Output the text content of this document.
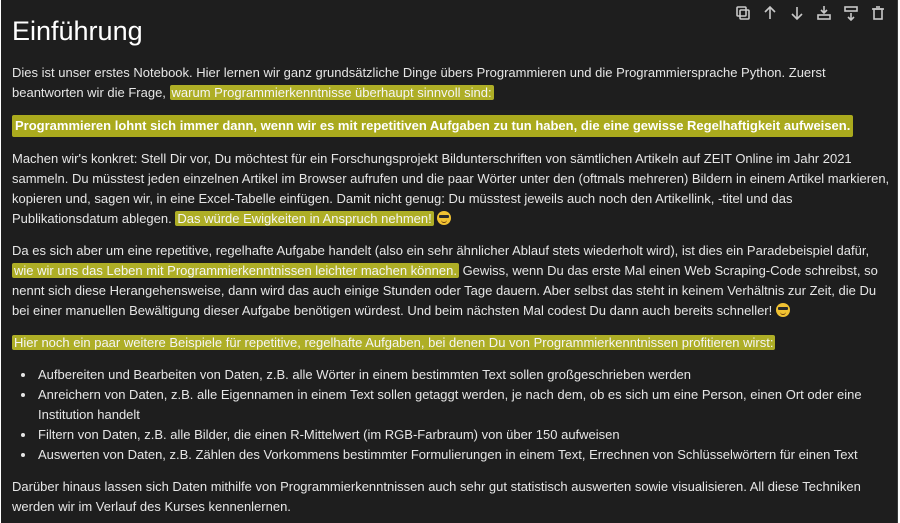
Einführung

Dies ist unser erstes Notebook. Hier lernen wir ganz grundsätzliche Dinge übers Programmieren und die Programmiersprache Python. Zuerst beantworten wir die Frage, warum Programmierkenntnisse überhaupt sinnvoll sind:

Programmieren lohnt sich immer dann, wenn wir es mit repetitiven Aufgaben zu tun haben, die eine gewisse Regelhaftigkeit aufweisen.

Machen wir's konkret: Stell Dir vor, Du möchtest für ein Forschungsprojekt Bildunterschriften von sämtlichen Artikeln auf ZEIT Online im Jahr 2021 sammeln. Du müsstest jeden einzelnen Artikel im Browser aufrufen und die paar Wörter unter den (oftmals mehreren) Bildern in einem Artikel markieren, kopieren und, sagen wir, in eine Excel-Tabelle einfügen. Damit nicht genug: Du müsstest jeweils auch noch den Artikellink, -titel und das Publikationsdatum ablegen. Das würde Ewigkeiten in Anspruch nehmen!

Da es sich aber um eine repetitive, regelhafte Aufgabe handelt (also ein sehr ähnlicher Ablauf stets wiederholt wird), ist dies ein Paradebeispiel dafür, wie wir uns das Leben mit Programmierkenntnissen leichter machen können. Gewiss, wenn Du das erste Mal einen Web Scraping-Code schreibst, so nennt sich diese Herangehensweise, dann wird das auch einige Stunden oder Tage dauern. Aber selbst das steht in keinem Verhältnis zur Zeit, die Du bei einer manuellen Bewältigung dieser Aufgabe benötigen würdest. Und beim nächsten Mal codest Du dann auch bereits schneller!

Hier noch ein paar weitere Beispiele für repetitive, regelhafte Aufgaben, bei denen Du von Programmierkenntnissen profitieren wirst:

• Aufbereiten und Bearbeiten von Daten, z.B. alle Wörter in einem bestimmten Text sollen großgeschrieben werden
• Anreichern von Daten, z.B. alle Eigennamen in einem Text sollen getaggt werden, je nach dem, ob es sich um eine Person, einen Ort oder eine Institution handelt
• Filtern von Daten, z.B. alle Bilder, die einen R-Mittelwert (im RGB-Farbraum) von über 150 aufweisen
• Auswerten von Daten, z.B. Zählen des Vorkommens bestimmter Formulierungen in einem Text, Errechnen von Schlüsselwörtern für einen Text

Darüber hinaus lassen sich Daten mithilfe von Programmierkenntnissen auch sehr gut statistisch auswerten sowie visualisieren. All diese Techniken werden wir im Verlauf des Kurses kennenlernen.
